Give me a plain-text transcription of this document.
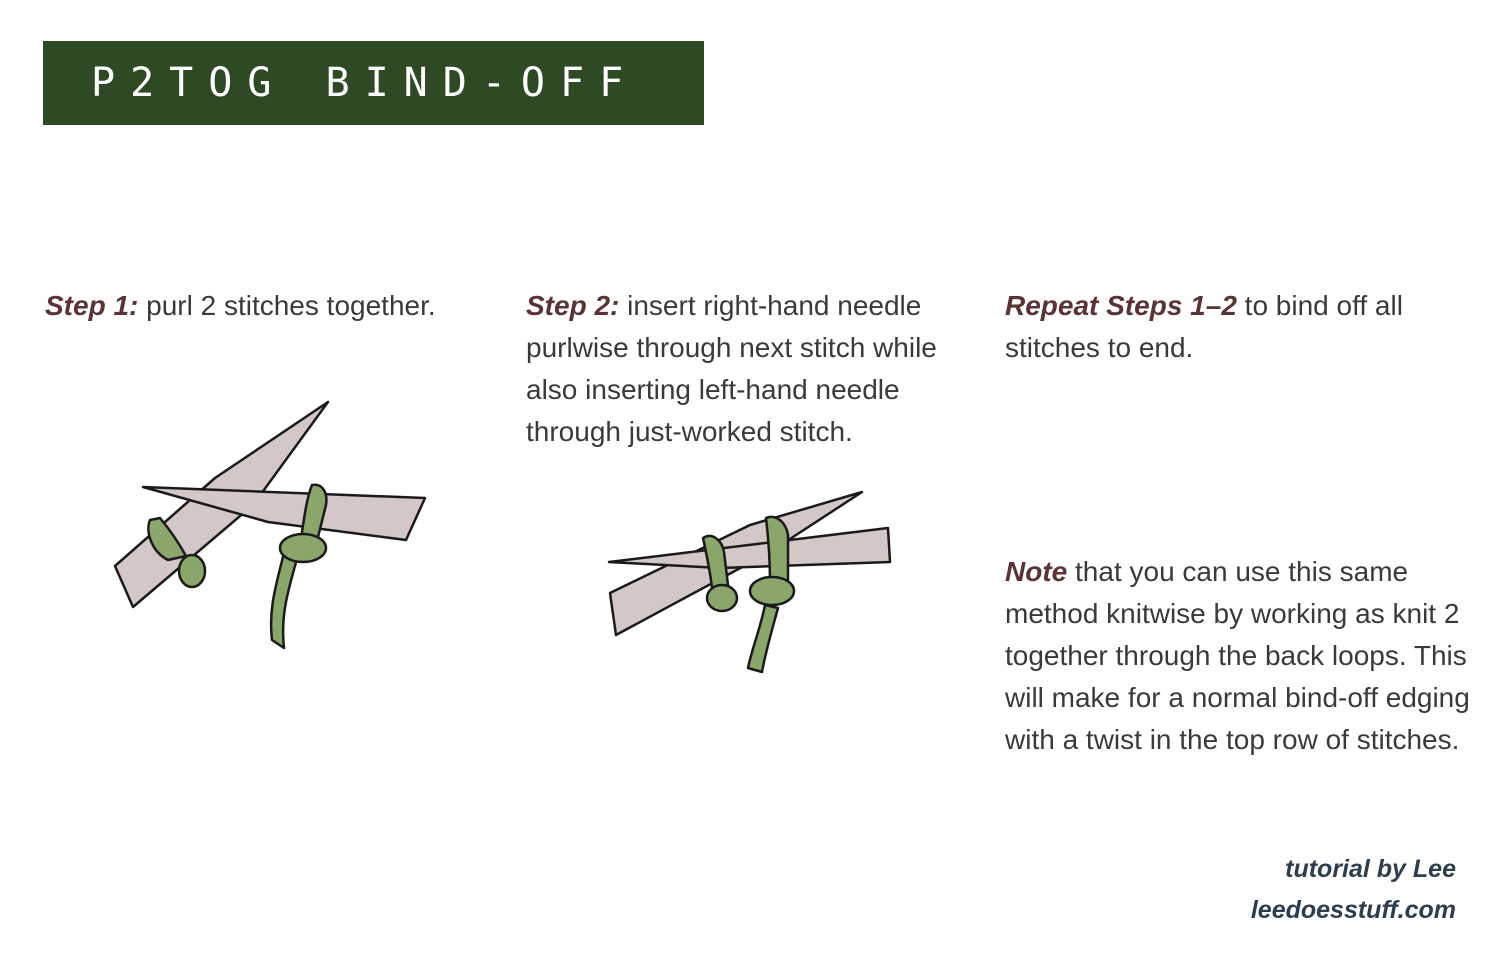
P2TOG BIND-OFF
Step 1: purl 2 stitches together.	Step 2: insert right-hand needle purlwise through next stitch while also inserting left-hand needle through just-worked stitch.
Repeat Steps 1–2 to bind off all stitches to end.
Note that you can use this same method knitwise by working as knit 2 together through the back loops. This will make for a normal bind-off edging with a twist in the top row of stitches.
tutorial by Lee
leedoesstuff.com
